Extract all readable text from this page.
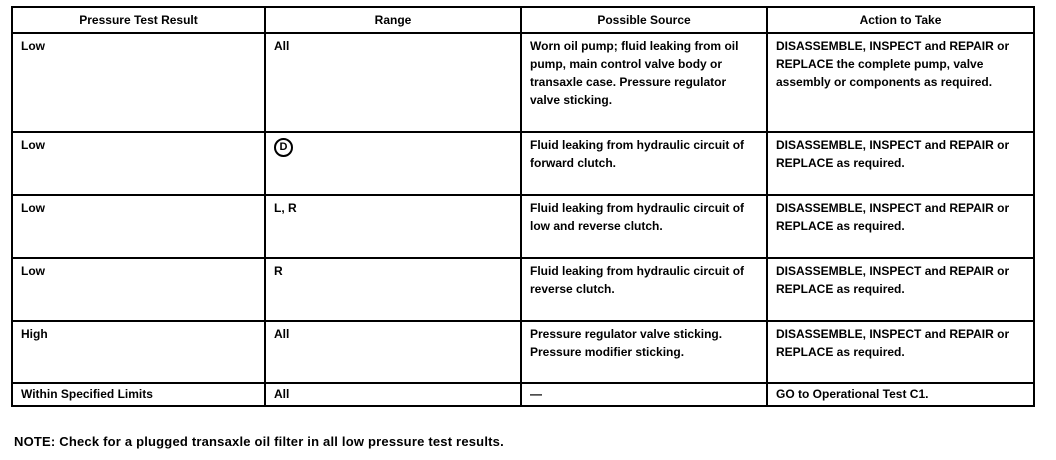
Pressure Test Result	Range	Possible Source	Action to Take
Low	All	Worn oil pump; fluid leaking from oil pump, main control valve body or transaxle case. Pressure regulator valve sticking.	DISASSEMBLE, INSPECT and REPAIR or REPLACE the complete pump, valve assembly or components as required.
Low	D	Fluid leaking from hydraulic circuit of forward clutch.	DISASSEMBLE, INSPECT and REPAIR or REPLACE as required.
Low	L, R	Fluid leaking from hydraulic circuit of low and reverse clutch.	DISASSEMBLE, INSPECT and REPAIR or REPLACE as required.
Low	R	Fluid leaking from hydraulic circuit of reverse clutch.	DISASSEMBLE, INSPECT and REPAIR or REPLACE as required.
High	All	Pressure regulator valve sticking. Pressure modifier sticking.	DISASSEMBLE, INSPECT and REPAIR or REPLACE as required.
Within Specified Limits	All	—	GO to Operational Test C1.
NOTE: Check for a plugged transaxle oil filter in all low pressure test results.
